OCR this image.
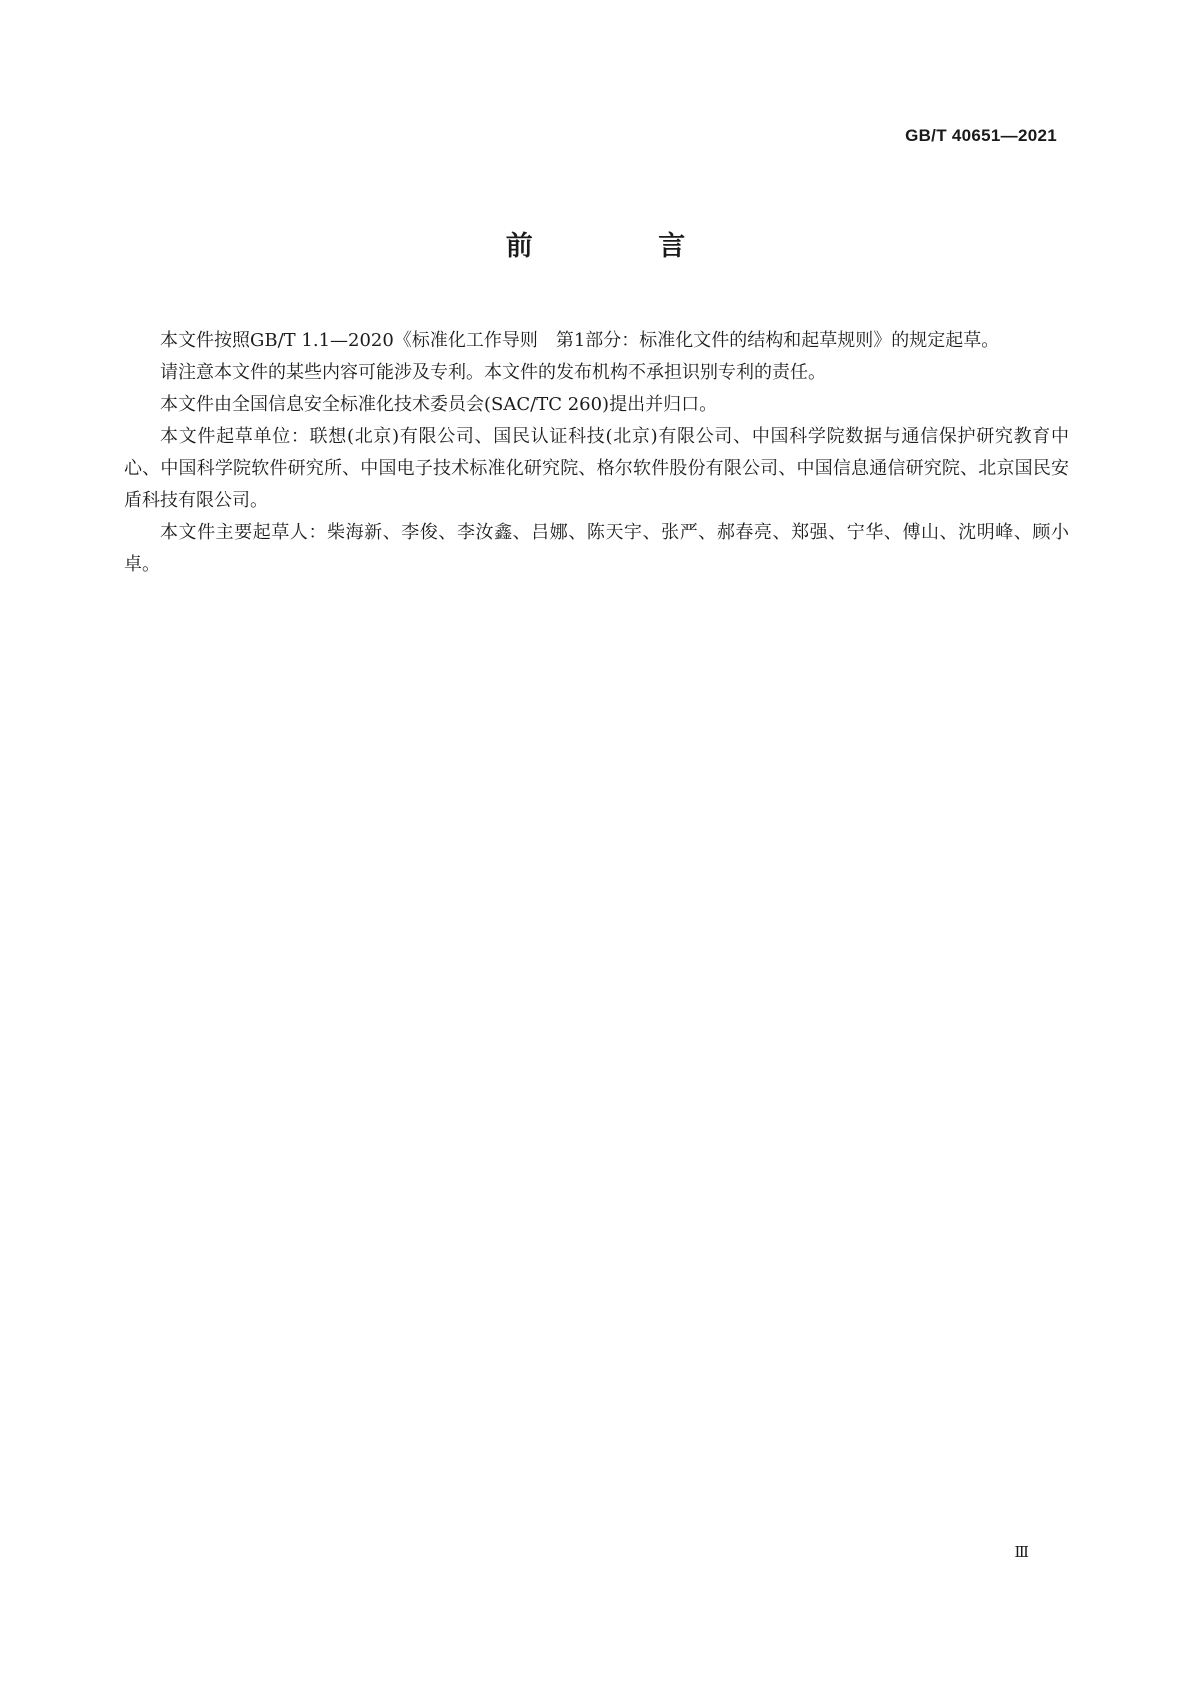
GB/T 40651—2021
前 言

本文件按照GB/T 1.1—2020《标准化工作导则　第1部分：标准化文件的结构和起草规则》的规定起草。

请注意本文件的某些内容可能涉及专利。本文件的发布机构不承担识别专利的责任。

本文件由全国信息安全标准化技术委员会(SAC/TC 260)提出并归口。

本文件起草单位：联想(北京)有限公司、国民认证科技(北京)有限公司、中国科学院数据与通信保护研究教育中心、中国科学院软件研究所、中国电子技术标准化研究院、格尔软件股份有限公司、中国信息通信研究院、北京国民安盾科技有限公司。

本文件主要起草人：柴海新、李俊、李汝鑫、吕娜、陈天宇、张严、郝春亮、郑强、宁华、傅山、沈明峰、顾小卓。

Ⅲ
